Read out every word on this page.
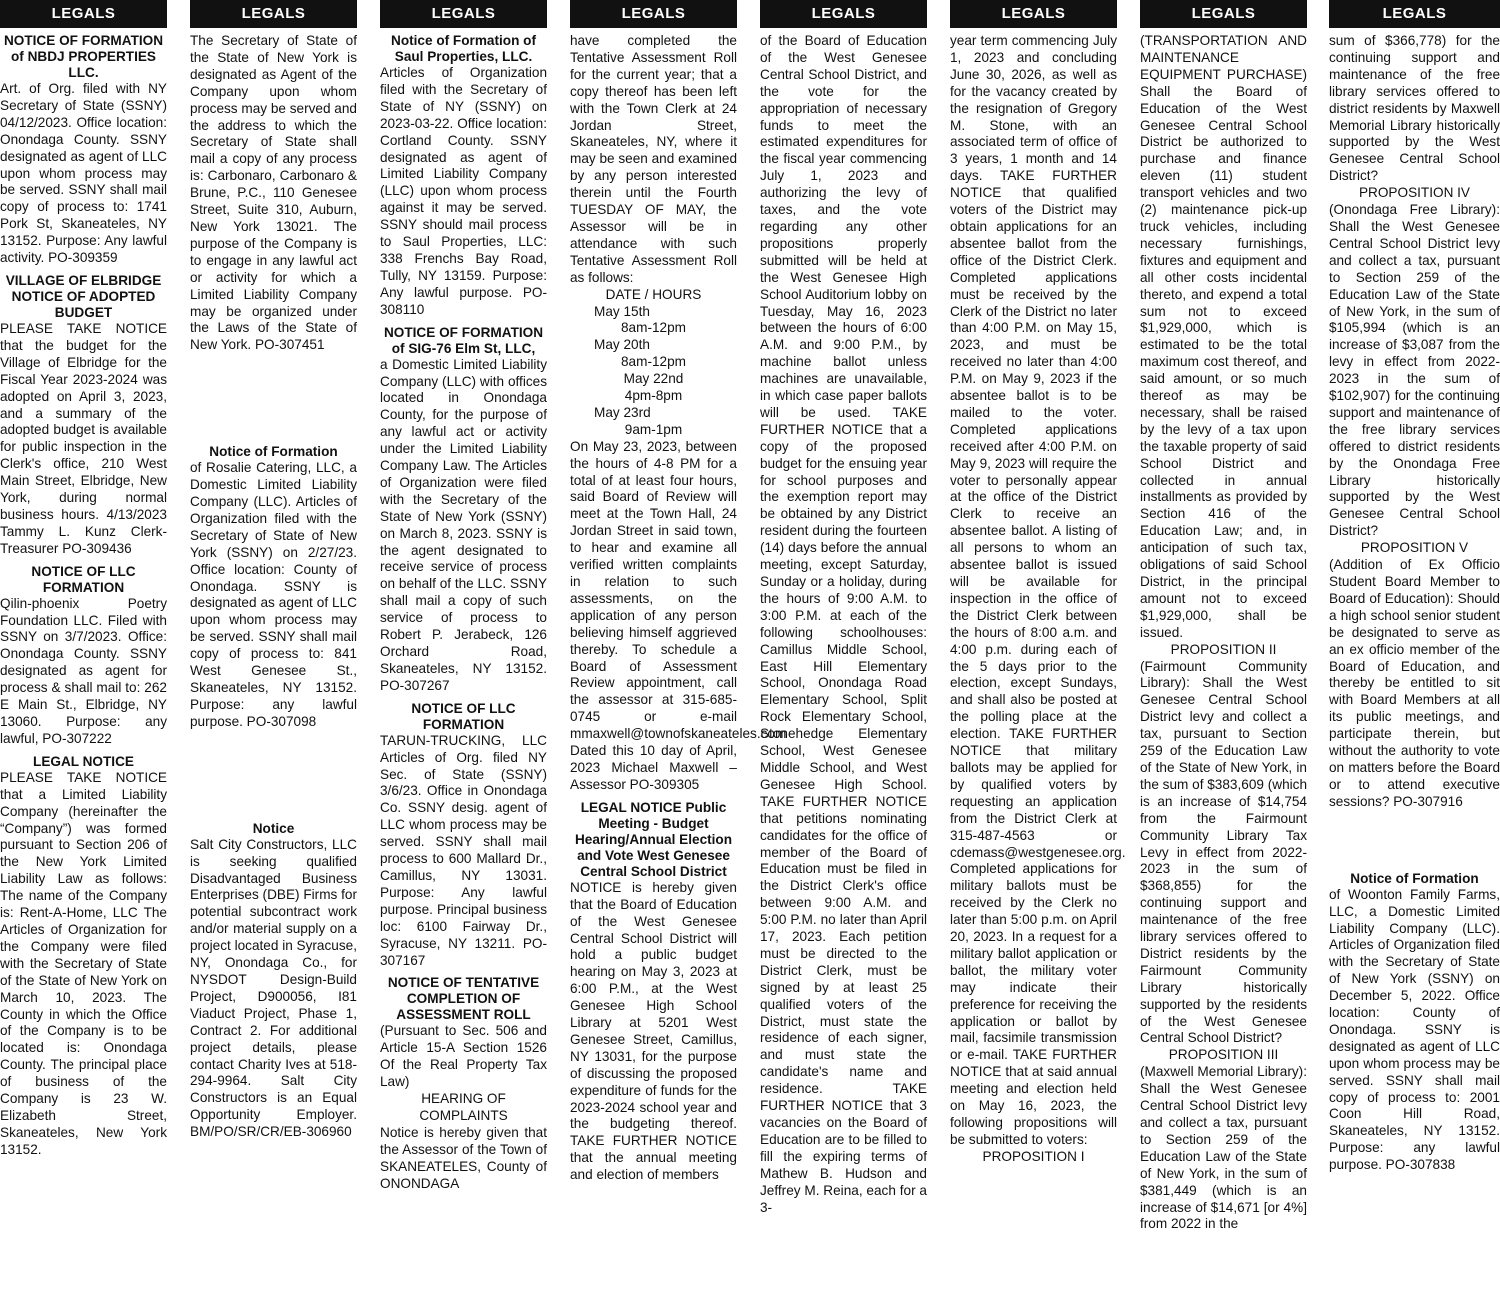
LEGALS

NOTICE OF FORMATION of NBDJ PROPERTIES LLC.

Art. of Org. filed with NY Secretary of State (SSNY) 04/12/2023. Office location: Onondaga County. SSNY designated as agent of LLC upon whom process may be served. SSNY shall mail copy of process to: 1741 Pork St, Skaneateles, NY 13152. Purpose: Any lawful activity. PO-309359

VILLAGE OF ELBRIDGE NOTICE OF ADOPTED BUDGET

PLEASE TAKE NOTICE that the budget for the Village of Elbridge for the Fiscal Year 2023-2024 was adopted on April 3, 2023, and a summary of the adopted budget is available for public inspection in the Clerk's office, 210 West Main Street, Elbridge, New York, during normal business hours. 4/13/2023 Tammy L. Kunz Clerk-Treasurer PO-309436

NOTICE OF LLC FORMATION

Qilin-phoenix Poetry Foundation LLC. Filed with SSNY on 3/7/2023. Office: Onondaga County. SSNY designated as agent for process & shall mail to: 262 E Main St., Elbridge, NY 13060. Purpose: any lawful, PO-307222

LEGAL NOTICE

PLEASE TAKE NOTICE that a Limited Liability Company (hereinafter the “Company”) was formed pursuant to Section 206 of the New York Limited Liability Law as follows: The name of the Company is: Rent-A-Home, LLC The Articles of Organization for the Company were filed with the Secretary of State of the State of New York on March 10, 2023. The County in which the Office of the Company is to be located is: Onondaga County. The principal place of business of the Company is 23 W. Elizabeth Street, Skaneateles, New York 13152.

LEGALS

The Secretary of State of the State of New York is designated as Agent of the Company upon whom process may be served and the address to which the Secretary of State shall mail a copy of any process is: Carbonaro, Carbonaro & Brune, P.C., 110 Genesee Street, Suite 310, Auburn, New York 13021. The purpose of the Company is to engage in any lawful act or activity for which a Limited Liability Company may be organized under the Laws of the State of New York. PO-307451

Notice of Formation

of Rosalie Catering, LLC, a Domestic Limited Liability Company (LLC). Articles of Organization filed with the Secretary of State of New York (SSNY) on 2/27/23. Office location: County of Onondaga. SSNY is designated as agent of LLC upon whom process may be served. SSNY shall mail copy of process to: 841 West Genesee St., Skaneateles, NY 13152. Purpose: any lawful purpose. PO-307098

Notice

Salt City Constructors, LLC is seeking qualified Disadvantaged Business Enterprises (DBE) Firms for potential subcontract work and/or material supply on a project located in Syracuse, NY, Onondaga Co., for NYSDOT Design-Build Project, D900056, I81 Viaduct Project, Phase 1, Contract 2. For additional project details, please contact Charity Ives at 518-294-9964. Salt City Constructors is an Equal Opportunity Employer. BM/PO/SR/CR/EB-306960

LEGALS

Notice of Formation of Saul Properties, LLC.

Articles of Organization filed with the Secretary of State of NY (SSNY) on 2023-03-22. Office location: Cortland County. SSNY designated as agent of Limited Liability Company (LLC) upon whom process against it may be served. SSNY should mail process to Saul Properties, LLC: 338 Frenchs Bay Road, Tully, NY 13159. Purpose: Any lawful purpose. PO-308110

NOTICE OF FORMATION of SIG-76 Elm St, LLC,

a Domestic Limited Liability Company (LLC) with offices located in Onondaga County, for the purpose of any lawful act or activity under the Limited Liability Company Law. The Articles of Organization were filed with the Secretary of the State of New York (SSNY) on March 8, 2023. SSNY is the agent designated to receive service of process on behalf of the LLC. SSNY shall mail a copy of such service of process to Robert P. Jerabeck, 126 Orchard Road, Skaneateles, NY 13152. PO-307267

NOTICE OF LLC FORMATION

TARUN-TRUCKING, LLC Articles of Org. filed NY Sec. of State (SSNY) 3/6/23. Office in Onondaga Co. SSNY desig. agent of LLC whom process may be served. SSNY shall mail process to 600 Mallard Dr., Camillus, NY 13031. Purpose: Any lawful purpose. Principal business loc: 6100 Fairway Dr., Syracuse, NY 13211. PO-307167

NOTICE OF TENTATIVE COMPLETION OF ASSESSMENT ROLL

(Pursuant to Sec. 506 and Article 15-A Section 1526 Of the Real Property Tax Law)

HEARING OF COMPLAINTS

Notice is hereby given that the Assessor of the Town of SKANEATELES, County of ONONDAGA

LEGALS

have completed the Tentative Assessment Roll for the current year; that a copy thereof has been left with the Town Clerk at 24 Jordan Street, Skaneateles, NY, where it may be seen and examined by any person interested therein until the Fourth TUESDAY OF MAY, the Assessor will be in attendance with such Tentative Assessment Roll as follows:

DATE / HOURS

May 15th

8am-12pm

May 20th

8am-12pm

May 22nd

4pm-8pm

May 23rd

9am-1pm

On May 23, 2023, between the hours of 4-8 PM for a total of at least four hours, said Board of Review will meet at the Town Hall, 24 Jordan Street in said town, to hear and examine all verified written complaints in relation to such assessments, on the application of any person believing himself aggrieved thereby. To schedule a Board of Assessment Review appointment, call the assessor at 315-685-0745 or e-mail mmaxwell@townofskaneateles.com Dated this 10 day of April, 2023 Michael Maxwell – Assessor PO-309305

LEGAL NOTICE Public Meeting - Budget Hearing/Annual Election and Vote West Genesee Central School District

NOTICE is hereby given that the Board of Education of the West Genesee Central School District will hold a public budget hearing on May 3, 2023 at 6:00 P.M., at the West Genesee High School Library at 5201 West Genesee Street, Camillus, NY 13031, for the purpose of discussing the proposed expenditure of funds for the 2023-2024 school year and the budgeting thereof. TAKE FURTHER NOTICE that the annual meeting and election of members

LEGALS

of the Board of Education of the West Genesee Central School District, and the vote for the appropriation of necessary funds to meet the estimated expenditures for the fiscal year commencing July 1, 2023 and authorizing the levy of taxes, and the vote regarding any other propositions properly submitted will be held at the West Genesee High School Auditorium lobby on Tuesday, May 16, 2023 between the hours of 6:00 A.M. and 9:00 P.M., by machine ballot unless machines are unavailable, in which case paper ballots will be used. TAKE FURTHER NOTICE that a copy of the proposed budget for the ensuing year for school purposes and the exemption report may be obtained by any District resident during the fourteen (14) days before the annual meeting, except Saturday, Sunday or a holiday, during the hours of 9:00 A.M. to 3:00 P.M. at each of the following schoolhouses: Camillus Middle School, East Hill Elementary School, Onondaga Road Elementary School, Split Rock Elementary School, Stonehedge Elementary School, West Genesee Middle School, and West Genesee High School. TAKE FURTHER NOTICE that petitions nominating candidates for the office of member of the Board of Education must be filed in the District Clerk's office between 9:00 A.M. and 5:00 P.M. no later than April 17, 2023. Each petition must be directed to the District Clerk, must be signed by at least 25 qualified voters of the District, must state the residence of each signer, and must state the candidate's name and residence. TAKE FURTHER NOTICE that 3 vacancies on the Board of Education are to be filled to fill the expiring terms of Mathew B. Hudson and Jeffrey M. Reina, each for a 3-

LEGALS

year term commencing July 1, 2023 and concluding June 30, 2026, as well as for the vacancy created by the resignation of Gregory M. Stone, with an associated term of office of 3 years, 1 month and 14 days. TAKE FURTHER NOTICE that qualified voters of the District may obtain applications for an absentee ballot from the office of the District Clerk. Completed applications must be received by the Clerk of the District no later than 4:00 P.M. on May 15, 2023, and must be received no later than 4:00 P.M. on May 9, 2023 if the absentee ballot is to be mailed to the voter. Completed applications received after 4:00 P.M. on May 9, 2023 will require the voter to personally appear at the office of the District Clerk to receive an absentee ballot. A listing of all persons to whom an absentee ballot is issued will be available for inspection in the office of the District Clerk between the hours of 8:00 a.m. and 4:00 p.m. during each of the 5 days prior to the election, except Sundays, and shall also be posted at the polling place at the election. TAKE FURTHER NOTICE that military ballots may be applied for by qualified voters by requesting an application from the District Clerk at 315-487-4563 or cdemass@westgenesee.org. Completed applications for military ballots must be received by the Clerk no later than 5:00 p.m. on April 20, 2023. In a request for a military ballot application or ballot, the military voter may indicate their preference for receiving the application or ballot by mail, facsimile transmission or e-mail. TAKE FURTHER NOTICE that at said annual meeting and election held on May 16, 2023, the following propositions will be submitted to voters:

PROPOSITION I

LEGALS

(TRANSPORTATION AND MAINTENANCE EQUIPMENT PURCHASE) Shall the Board of Education of the West Genesee Central School District be authorized to purchase and finance eleven (11) student transport vehicles and two (2) maintenance pick-up truck vehicles, including necessary furnishings, fixtures and equipment and all other costs incidental thereto, and expend a total sum not to exceed $1,929,000, which is estimated to be the total maximum cost thereof, and said amount, or so much thereof as may be necessary, shall be raised by the levy of a tax upon the taxable property of said School District and collected in annual installments as provided by Section 416 of the Education Law; and, in anticipation of such tax, obligations of said School District, in the principal amount not to exceed $1,929,000, shall be issued.

PROPOSITION II

(Fairmount Community Library): Shall the West Genesee Central School District levy and collect a tax, pursuant to Section 259 of the Education Law of the State of New York, in the sum of $383,609 (which is an increase of $14,754 from the Fairmount Community Library Tax Levy in effect from 2022-2023 in the sum of $368,855) for the continuing support and maintenance of the free library services offered to District residents by the Fairmount Community Library historically supported by the residents of the West Genesee Central School District?

PROPOSITION III

(Maxwell Memorial Library): Shall the West Genesee Central School District levy and collect a tax, pursuant to Section 259 of the Education Law of the State of New York, in the sum of $381,449 (which is an increase of $14,671 [or 4%] from 2022 in the

LEGALS

sum of $366,778) for the continuing support and maintenance of the free library services offered to district residents by Maxwell Memorial Library historically supported by the West Genesee Central School District?

PROPOSITION IV

(Onondaga Free Library): Shall the West Genesee Central School District levy and collect a tax, pursuant to Section 259 of the Education Law of the State of New York, in the sum of $105,994 (which is an increase of $3,087 from the levy in effect from 2022-2023 in the sum of $102,907) for the continuing support and maintenance of the free library services offered to district residents by the Onondaga Free Library historically supported by the West Genesee Central School District?

PROPOSITION V

(Addition of Ex Officio Student Board Member to Board of Education): Should a high school senior student be designated to serve as an ex officio member of the Board of Education, and thereby be entitled to sit with Board Members at all its public meetings, and participate therein, but without the authority to vote on matters before the Board or to attend executive sessions? PO-307916

Notice of Formation

of Woonton Family Farms, LLC, a Domestic Limited Liability Company (LLC). Articles of Organization filed with the Secretary of State of New York (SSNY) on December 5, 2022. Office location: County of Onondaga. SSNY is designated as agent of LLC upon whom process may be served. SSNY shall mail copy of process to: 2001 Coon Hill Road, Skaneateles, NY 13152. Purpose: any lawful purpose. PO-307838
